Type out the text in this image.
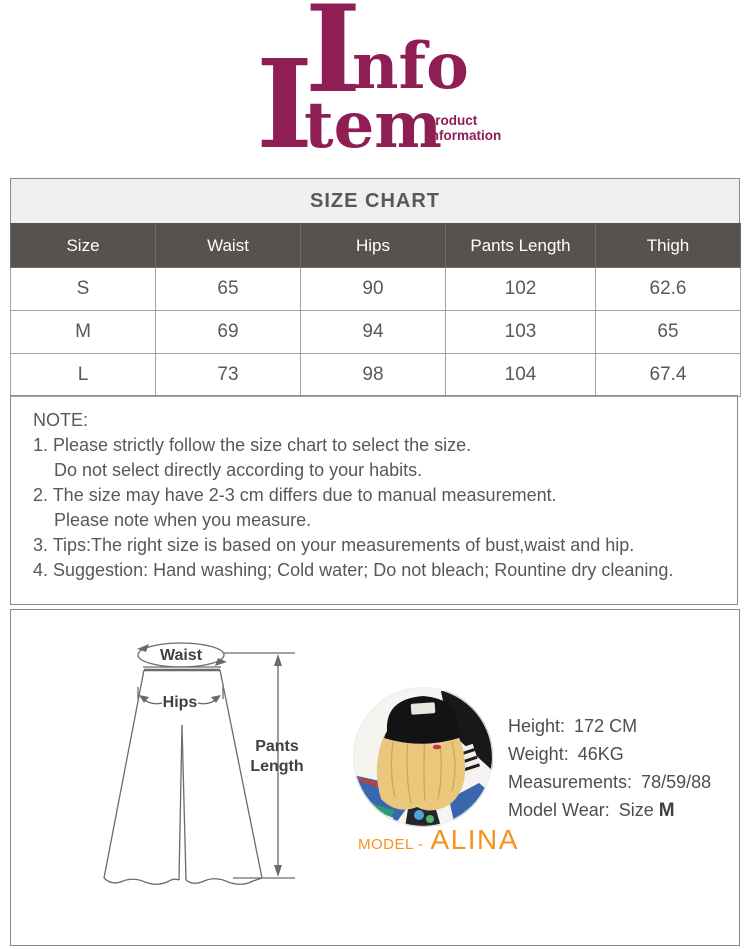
I
nfo
I
tem
product
information
SIZE CHART
Size	Waist	Hips	Pants Length	Thigh
S	65	90	102	62.6
M	69	94	103	65
L	73	98	104	67.4
NOTE:
1. Please strictly follow the size chart to select the size.
Do not select directly according to your habits.
2. The size may have 2-3 cm differs due to manual measurement.
Please note when you measure.
3. Tips:The right size is based on your measurements of bust,waist and hip.
4. Suggestion: Hand washing; Cold water; Do not bleach; Rountine dry cleaning.
Waist
Hips
Pants
Length
MODEL - ALINA
Height: 172 CM
Weight: 46KG
Measurements: 78/59/88
Model Wear: Size M
